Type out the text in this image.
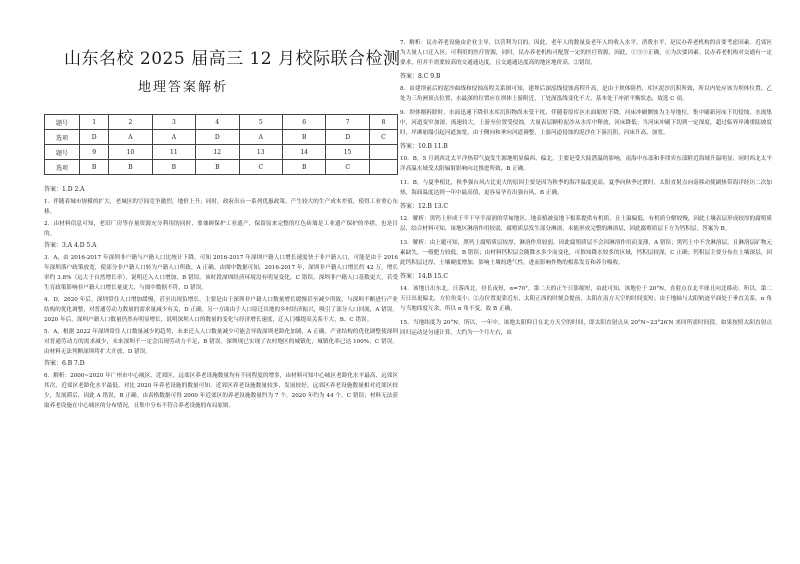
山东名校 2025 届高三 12 月校际联合检测
地理答案解析
题号	1	2	3	4	5	6	7	8
选项	D	A	A	D	A	B	D	C
题号	9	10	11	12	13	14	15	
选项	B	B	B	B	C	B	C	
答案：1.D 2.A
1．伴随着城市规模的扩大，老城区的空间竞争激烈，地价上升；同时，政府出台一系列优惠政策，产生较大的生产成本差值，使得工业重心东移。
2．由材料信息可知，老旧厂房等存量资源充分利用的同时，要兼顾保护工业遗产，保留原来完整的红色砖墙是工业遗产保护的举措，也是目的。
答案：3.A 4.D 5.A
3．A，由 2016-2017 年深圳非户籍与户籍人口比统计下降，可知 2016-2017 年深圳户籍人口增长速度快于非户籍人口，可能是由于 2016 年深圳落户政策放宽，使部分非户籍人口转为户籍人口所致，A 正确。由图中数据可知，2016-2017 年，深圳非户籍人口增长约 42 万，增长率约 3.8%（远大于自然增长率），说明迁入人口增加，B 错误。该时段深圳经济环境没有明显变化，C 错误。深圳非户籍人口基数更大，若受生育政策影响非户籍人口增长量更大，与图中数据不符，D 错误。
4．D，2020 年后，深圳常住人口增加缓慢，甚至出现负增长，主要是由于深圳非户籍人口数量增长缓慢甚至减少所致，与深圳不断进行产业结构的优化调整，对普通劳动力数量的需求量减少有关，D 正确。另一方面由于人口原迁出地的乡村经济振兴，吸引了部分人口回流，A 错误。2020 年后，深圳户籍人口数量仍然有明显增长，说明深圳人口的数量的变化与经济增长速度，迁入门槛提高关系不大，B、C 错误。
5．A，根据 2022 年深圳常住人口数量减少的趋势，未来迁入人口数量减少可能会导致深圳老龄化加剧，A 正确。产业结构的优化调整使深圳对普通劳动力的需求减少，未来深圳不一定会出现劳动力不足，B 错误。深圳现已实现了农村地区的城镇化，城镇化率已达 100%，C 错误。由材料无法判断深圳将扩大开放，D 错误。
答案：6.B 7.D
6．解析：2000~2020 年广州市中心城区、近郊区、远郊区养老设施数量均有不同程度的增多，由材料可知中心城区老龄化水平最高、远郊区其次、近郊区老龄化水平最低。对比 2020 年养老设施的数量可知，近郊区养老设施数量较多，发展较好，远郊区养老设施数量相对近郊区较少，发展滞后，因此 A 错误，B 正确。由表格数据可得 2000 年近郊区的养老设施数量约为 7 个，2020 年约为 44 个，C 错误；材料无法获取养老设施在中心城区的分布情况，且集中分布不符合养老设施的布局原则。
7．解析：民办养老设施由企业主导，以营利为目的。因此，老年人的数量及老年人的收入水平、消费水平，是民办养老机构的首要考虑因素。近郊区为大量人口迁入区，可利用的医疗资源，同时，民办养老机构可配置一定的医疗资源，因此，①③⑤正确，④为次要因素。民办养老机构对交通有一定要求，但并不需要较高的交通通达度，且交通通达度高的地区地价高，②错误。
答案：8.C 9.B
8．由建坝前后的泥沙曲线和侵蚀高程关系图可知，建坝后深泓线侵蚀高程升高，是由于坝体阻挡，库区泥沙沉积所致，所以内处应该为坝体位置。乙处为三角洲顶点位置，水最深的位置应在坝体上游附近，丁处深泓线变化不大，基本处于冲淤平衡状态，故选 C 项。
9．坝体刚拆除时，水面迅速下降但水库沉积物尚未受干扰，伴随着原库区水面缩短下降，河床冲刷侧蚀为主导地位，集中刷新河床下切侵蚀，水流集中，河道变窄加深，流速较大，上游至位置受侵蚀，大量表层颗粒泥沙从水库中释放，河床降低；当河床冲刷下切到一定深度，超过临界岸滩重陆坡度时，岸滩崩塌引起河道加宽，由于侧向和垂向河道调整，上游河道侵蚀的泥沙在下游沉积，河床升高、加宽。
答案：10.B 11.B
10．B，5 月到西北太平洋热带气旋发生源地明显偏西、偏北，主要是受大陆潜温的影响，南海中东部和菲律宾东部附近海域升温明显，同时西北太平洋高温水域受太阳辐射影响向北推进所致，B 正确。
11．B，与夏季相比，秋季强台风占比更大的原因主要是因为秋季的海洋温度更高。夏季向秋季过渡时，太阳直射点向南移动使副热带海洋经历二次加热，海面温度达到一年中最高值，更容易孕育出强台风，B 正确。
答案：12.B 13.C
12．解析：黑钙土形成于半干旱半湿润的草甸地区，地表植被及地下根系提供有机质，且土温偏低，有机质分解较慢，因此土壤表层形成较厚的腐殖质层，结合材料可知，该地区淋溶作用较弱，腐殖质层发生部分淋溶，未能形成完整的淋溶层，因此腐殖质层下方为钙积层，答案为 B。
13．解析：由上题可知，黑钙土腐殖质层较厚，淋溶作用较弱，因此腐殖质层不会因淋溶作用而变薄，A 错误；黑钙土中不含淋溶层，且淋溶层矿物元素缺失，一般肥力较低，B 错误；由材料钙积层会随降水多少而变化，可推知降水较多的区域，钙积层较深，C 正确；钙积层主要分布在土壤深层，因此钙积层过厚，土壤硬度增加，影响土壤的透气性，进而影响作物的根系发育和养分吸收。
答案：14.B 15.C
14．该地日出东北，日落西北，昼长夜短，α=70°，第二天的正午日影缩短，由此可知，该地位于 20°N，直射点在北半球且向北移动。所以，第二天日出更偏北，方位角变小；②点位置更靠近东，太阳正西的时刻会提前，太阳在南方天空的时间变短；由于地轴与太阳轨迹平面处于垂直关系，α 角与当地纬度互余，所以 α 角不变。故 B 正确。
15．当地纬度为 20°N，所以，一年中，该地太阳仰日在北方天空的时间，即太阳直射点从 20°N~23°26′N 来回所需时间段。如果按照太阳直射点回归运动是匀速计算，大约为一个月左右，由
